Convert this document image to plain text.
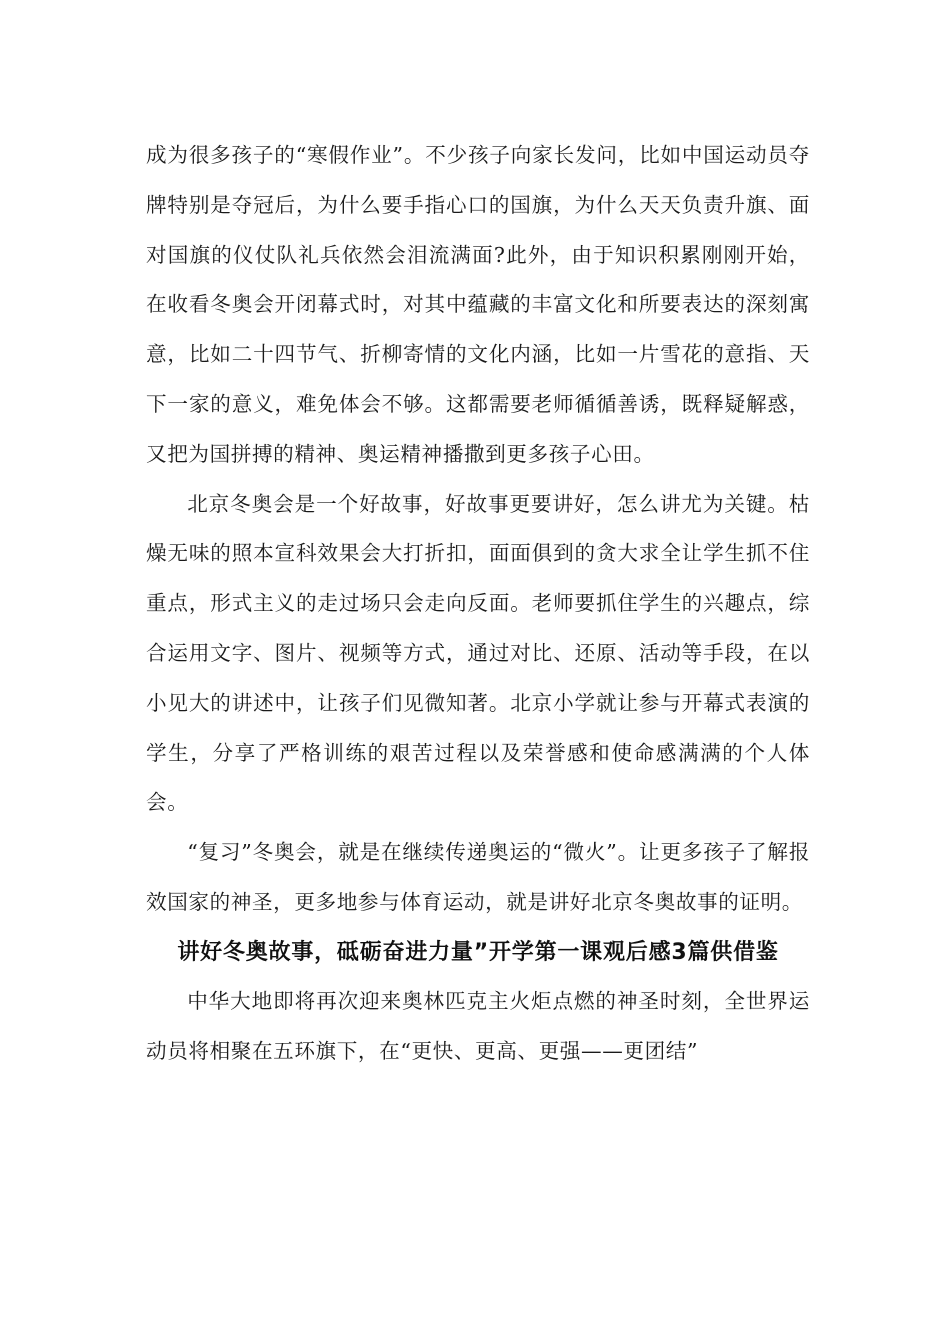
成为很多孩子的“寒假作业”。不少孩子向家长发问，比如中国运动员夺牌特别是夺冠后，为什么要手指心口的国旗，为什么天天负责升旗、面对国旗的仪仗队礼兵依然会泪流满面?此外，由于知识积累刚刚开始，在收看冬奥会开闭幕式时，对其中蕴藏的丰富文化和所要表达的深刻寓意，比如二十四节气、折柳寄情的文化内涵，比如一片雪花的意指、天下一家的意义，难免体会不够。这都需要老师循循善诱，既释疑解惑，又把为国拼搏的精神、奥运精神播撒到更多孩子心田。

北京冬奥会是一个好故事，好故事更要讲好，怎么讲尤为关键。枯燥无味的照本宣科效果会大打折扣，面面俱到的贪大求全让学生抓不住重点，形式主义的走过场只会走向反面。老师要抓住学生的兴趣点，综合运用文字、图片、视频等方式，通过对比、还原、活动等手段，在以小见大的讲述中，让孩子们见微知著。北京小学就让参与开幕式表演的学生，分享了严格训练的艰苦过程以及荣誉感和使命感满满的个人体会。

“复习”冬奥会，就是在继续传递奥运的“微火”。让更多孩子了解报效国家的神圣，更多地参与体育运动，就是讲好北京冬奥故事的证明。

讲好冬奥故事，砥砺奋进力量”开学第一课观后感3篇供借鉴

中华大地即将再次迎来奥林匹克主火炬点燃的神圣时刻，全世界运动员将相聚在五环旗下，在“更快、更高、更强——更团结”
